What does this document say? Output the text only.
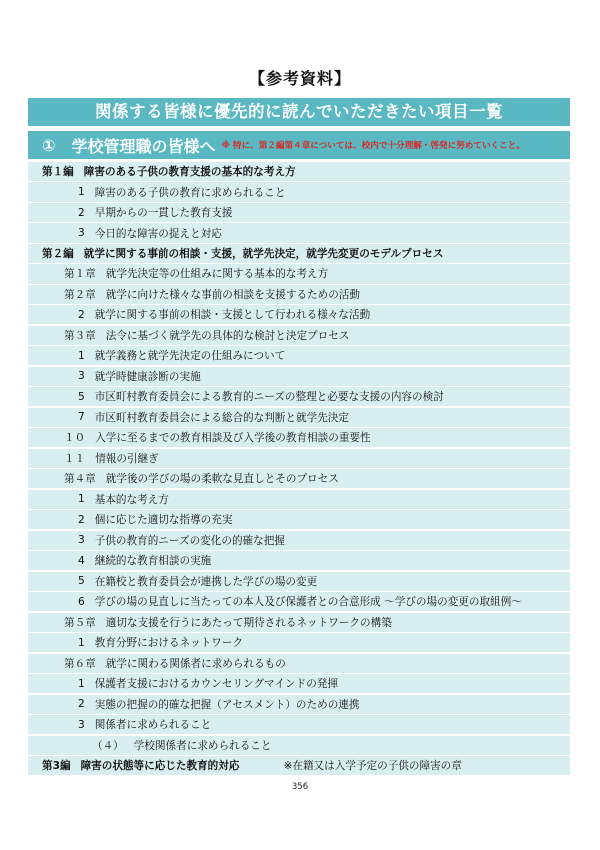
【参考資料】
関係する皆様に優先的に読んでいただきたい項目一覧
① 学校管理職の皆様へ ※ 特に、第２編第４章については、校内で十分理解・啓発に努めていくこと。
第１編 障害のある子供の教育支援の基本的な考え方
1 障害のある子供の教育に求められること
2 早期からの一貫した教育支援
3 今日的な障害の捉えと対応
第２編 就学に関する事前の相談・支援，就学先決定，就学先変更のモデルプロセス
第１章 就学先決定等の仕組みに関する基本的な考え方
第２章 就学に向けた様々な事前の相談を支援するための活動
2 就学に関する事前の相談・支援として行われる様々な活動
第３章 法令に基づく就学先の具体的な検討と決定プロセス
1 就学義務と就学先決定の仕組みについて
3 就学時健康診断の実施
5 市区町村教育委員会による教育的ニーズの整理と必要な支援の内容の検討
7 市区町村教育委員会による総合的な判断と就学先決定
１０ 入学に至るまでの教育相談及び入学後の教育相談の重要性
１１ 情報の引継ぎ
第４章 就学後の学びの場の柔軟な見直しとそのプロセス
1 基本的な考え方
2 個に応じた適切な指導の充実
3 子供の教育的ニーズの変化の的確な把握
4 継続的な教育相談の実施
5 在籍校と教育委員会が連携した学びの場の変更
6 学びの場の見直しに当たっての本人及び保護者との合意形成 ～学びの場の変更の取組例～
第５章 適切な支援を行うにあたって期待されるネットワークの構築
1 教育分野におけるネットワーク
第６章 就学に関わる関係者に求められるもの
1 保護者支援におけるカウンセリングマインドの発揮
2 実態の把握の的確な把握（アセスメント）のための連携
3 関係者に求められること
（４） 学校関係者に求められること
第3編 障害の状態等に応じた教育的対応	※在籍又は入学予定の子供の障害の章
356
